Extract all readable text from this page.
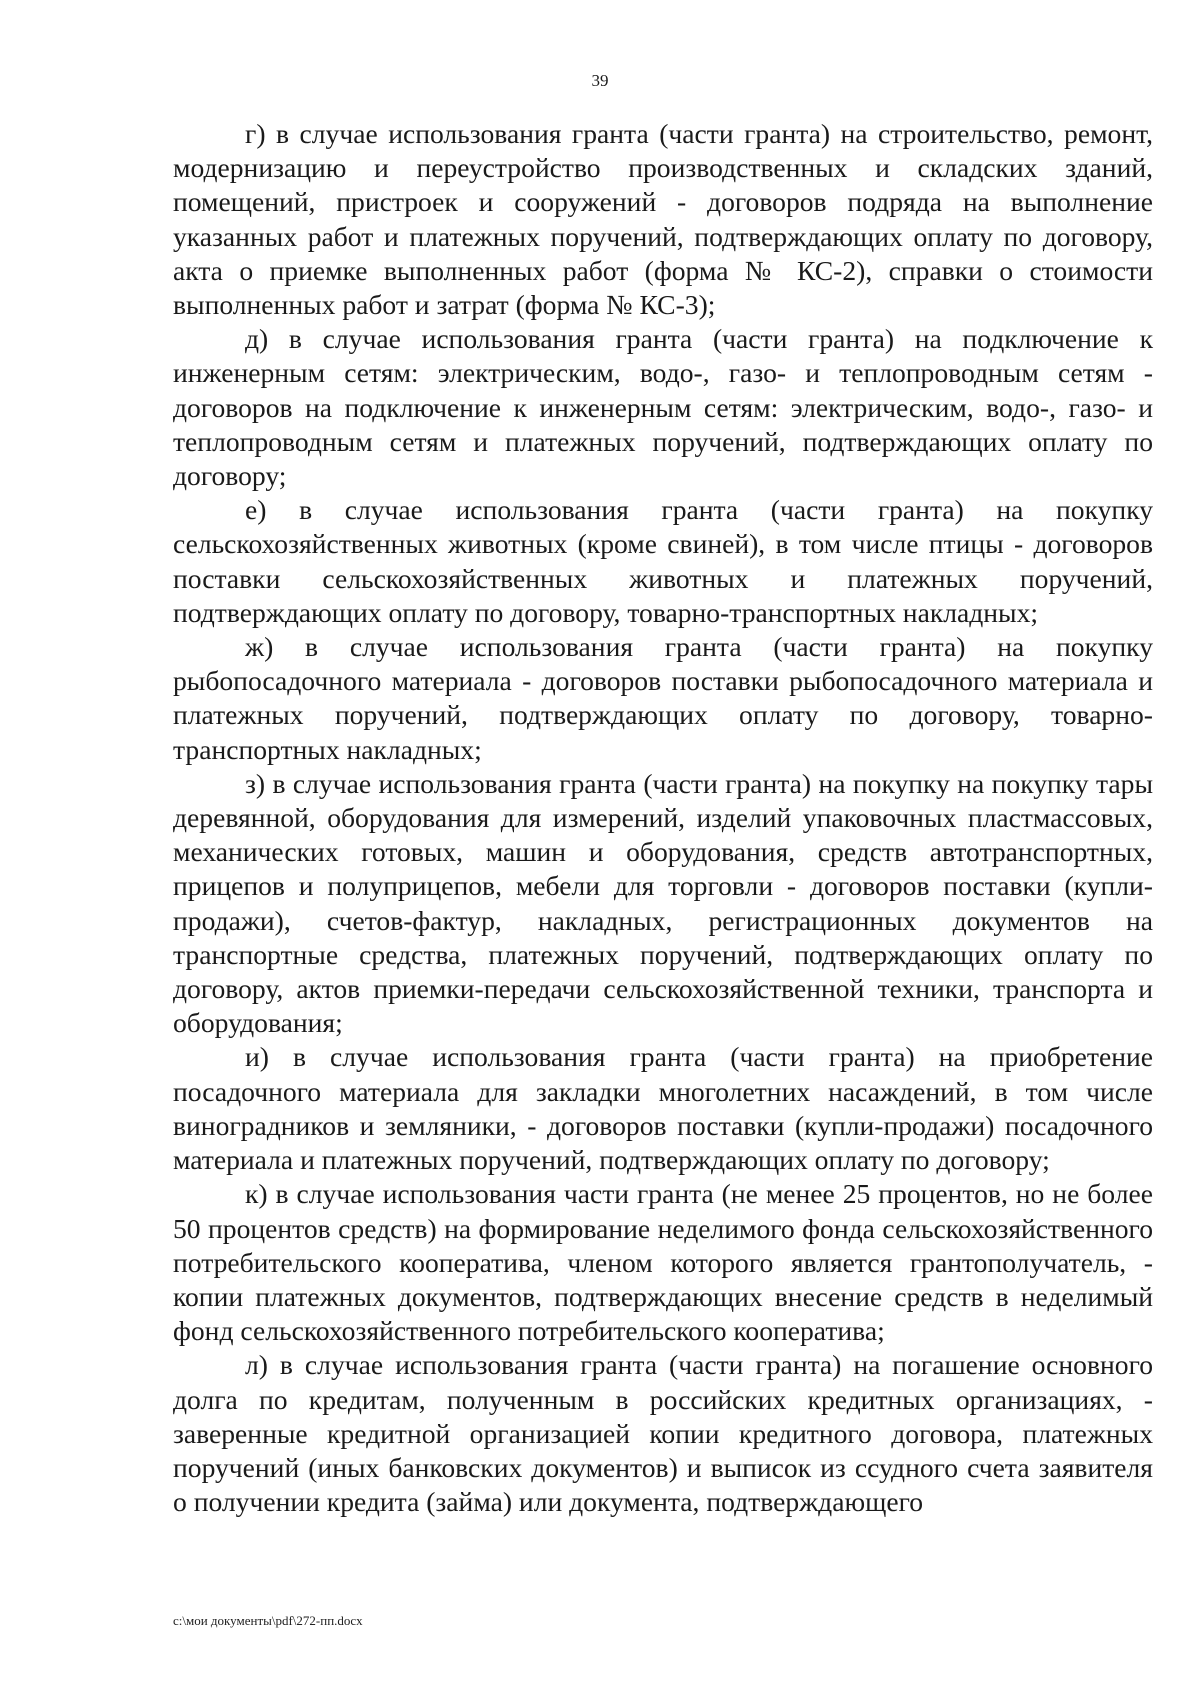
39

г) в случае использования гранта (части гранта) на строительство, ремонт, модернизацию и переустройство производственных и складских зданий, помещений, пристроек и сооружений - договоров подряда на выполнение указанных работ и платежных поручений, подтверждающих оплату по договору, акта о приемке выполненных работ (форма № КС-2), справки о стоимости выполненных работ и затрат (форма № КС-3);

д) в случае использования гранта (части гранта) на подключение к инженерным сетям: электрическим, водо-, газо- и теплопроводным сетям - договоров на подключение к инженерным сетям: электрическим, водо-, газо- и теплопроводным сетям и платежных поручений, подтверждающих оплату по договору;

е) в случае использования гранта (части гранта) на покупку сельскохозяйственных животных (кроме свиней), в том числе птицы - договоров поставки сельскохозяйственных животных и платежных поручений, подтверждающих оплату по договору, товарно-транспортных накладных;

ж) в случае использования гранта (части гранта) на покупку рыбопосадочного материала - договоров поставки рыбопосадочного материала и платежных поручений, подтверждающих оплату по договору, товарно-транспортных накладных;

з) в случае использования гранта (части гранта) на покупку на покупку тары деревянной, оборудования для измерений, изделий упаковочных пластмассовых, механических готовых, машин и оборудования, средств автотранспортных, прицепов и полуприцепов, мебели для торговли - договоров поставки (купли-продажи), счетов-фактур, накладных, регистрационных документов на транспортные средства, платежных поручений, подтверждающих оплату по договору, актов приемки-передачи сельскохозяйственной техники, транспорта и оборудования;

и) в случае использования гранта (части гранта) на приобретение посадочного материала для закладки многолетних насаждений, в том числе виноградников и земляники, - договоров поставки (купли-продажи) посадочного материала и платежных поручений, подтверждающих оплату по договору;

к) в случае использования части гранта (не менее 25 процентов, но не более 50 процентов средств) на формирование неделимого фонда сельскохозяйственного потребительского кооператива, членом которого является грантополучатель, - копии платежных документов, подтверждающих внесение средств в неделимый фонд сельскохозяйственного потребительского кооператива;

л) в случае использования гранта (части гранта) на погашение основного долга по кредитам, полученным в российских кредитных организациях, - заверенные кредитной организацией копии кредитного договора, платежных поручений (иных банковских документов) и выписок из ссудного счета заявителя о получении кредита (займа) или документа, подтверждающего

c:\мои документы\pdf\272-пп.docx
